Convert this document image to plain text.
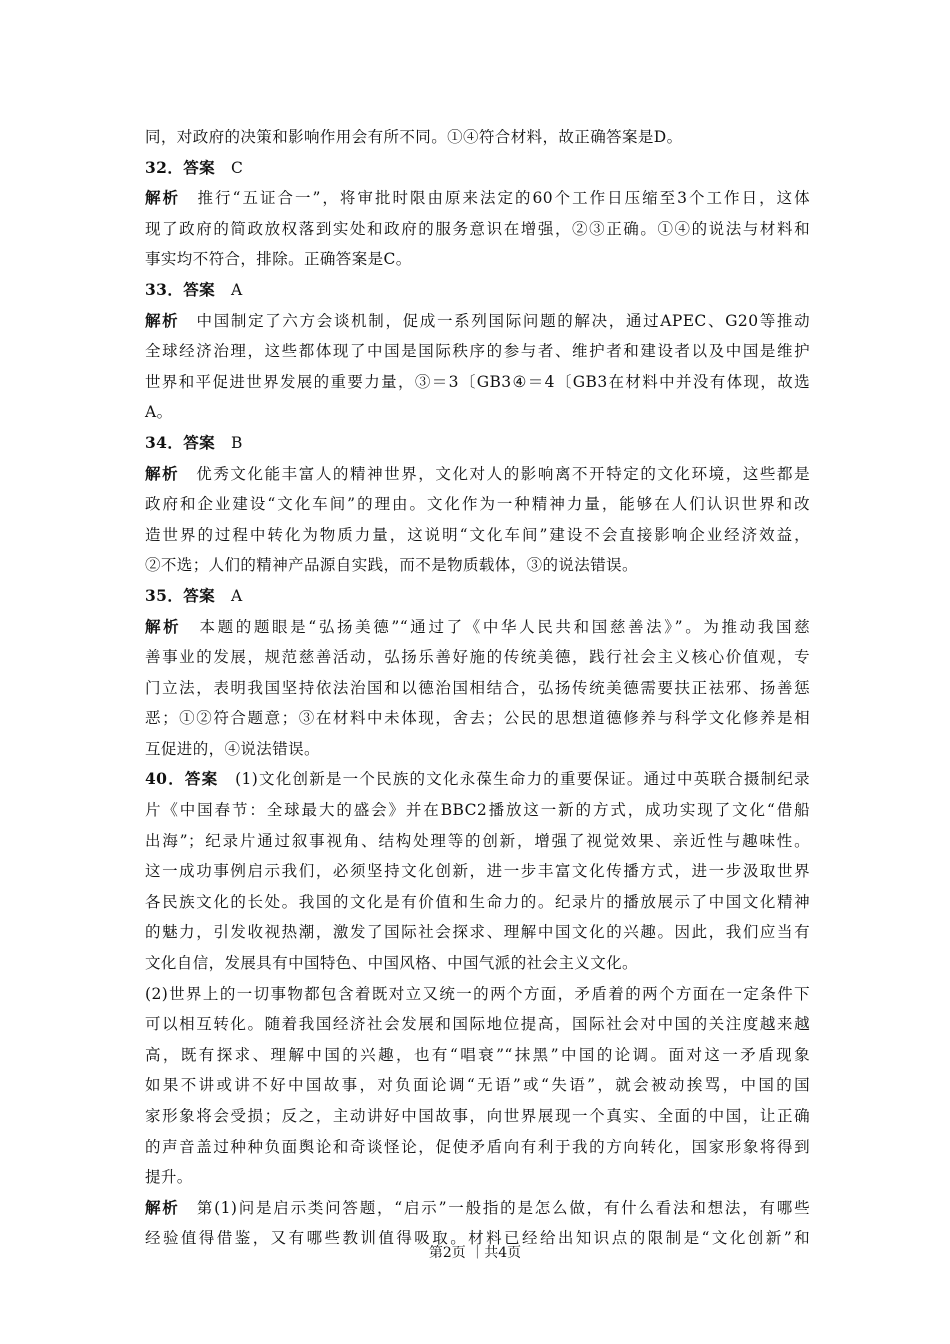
同，对政府的决策和影响作用会有所不同。①④符合材料，故正确答案是D。
32．答案　C
解析　推行“五证合一”，将审批时限由原来法定的60个工作日压缩至3个工作日，这体
现了政府的简政放权落到实处和政府的服务意识在增强，②③正确。①④的说法与材料和
事实均不符合，排除。正确答案是C。
33．答案　A
解析　中国制定了六方会谈机制，促成一系列国际问题的解决，通过APEC、G20等推动
全球经济治理，这些都体现了中国是国际秩序的参与者、维护者和建设者以及中国是维护
世界和平促进世界发展的重要力量，③＝3〔GB3④＝4〔GB3在材料中并没有体现，故选
A。
34．答案　B
解析　优秀文化能丰富人的精神世界，文化对人的影响离不开特定的文化环境，这些都是
政府和企业建设“文化车间”的理由。文化作为一种精神力量，能够在人们认识世界和改
造世界的过程中转化为物质力量，这说明“文化车间”建设不会直接影响企业经济效益，
②不选；人们的精神产品源自实践，而不是物质载体，③的说法错误。
35．答案　A
解析　本题的题眼是“弘扬美德”“通过了《中华人民共和国慈善法》”。为推动我国慈
善事业的发展，规范慈善活动，弘扬乐善好施的传统美德，践行社会主义核心价值观，专
门立法，表明我国坚持依法治国和以德治国相结合，弘扬传统美德需要扶正祛邪、扬善惩
恶；①②符合题意；③在材料中未体现，舍去；公民的思想道德修养与科学文化修养是相
互促进的，④说法错误。
40．答案　(1)文化创新是一个民族的文化永葆生命力的重要保证。通过中英联合摄制纪录
片《中国春节：全球最大的盛会》并在BBC2播放这一新的方式，成功实现了文化“借船
出海”；纪录片通过叙事视角、结构处理等的创新，增强了视觉效果、亲近性与趣味性。
这一成功事例启示我们，必须坚持文化创新，进一步丰富文化传播方式，进一步汲取世界
各民族文化的长处。我国的文化是有价值和生命力的。纪录片的播放展示了中国文化精神
的魅力，引发收视热潮，激发了国际社会探求、理解中国文化的兴趣。因此，我们应当有
文化自信，发展具有中国特色、中国风格、中国气派的社会主义文化。
(2)世界上的一切事物都包含着既对立又统一的两个方面，矛盾着的两个方面在一定条件下
可以相互转化。随着我国经济社会发展和国际地位提高，国际社会对中国的关注度越来越
高，既有探求、理解中国的兴趣，也有“唱衰”“抹黑”中国的论调。面对这一矛盾现象
如果不讲或讲不好中国故事，对负面论调“无语”或“失语”，就会被动挨骂，中国的国
家形象将会受损；反之，主动讲好中国故事，向世界展现一个真实、全面的中国，让正确
的声音盖过种种负面舆论和奇谈怪论，促使矛盾向有利于我的方向转化，国家形象将得到
提升。
解析　第(1)问是启示类问答题，“启示”一般指的是怎么做，有什么看法和想法，有哪些
经验值得借鉴，又有哪些教训值得吸取。材料已经给出知识点的限制是“文化创新”和
第2页 ｜共4页
